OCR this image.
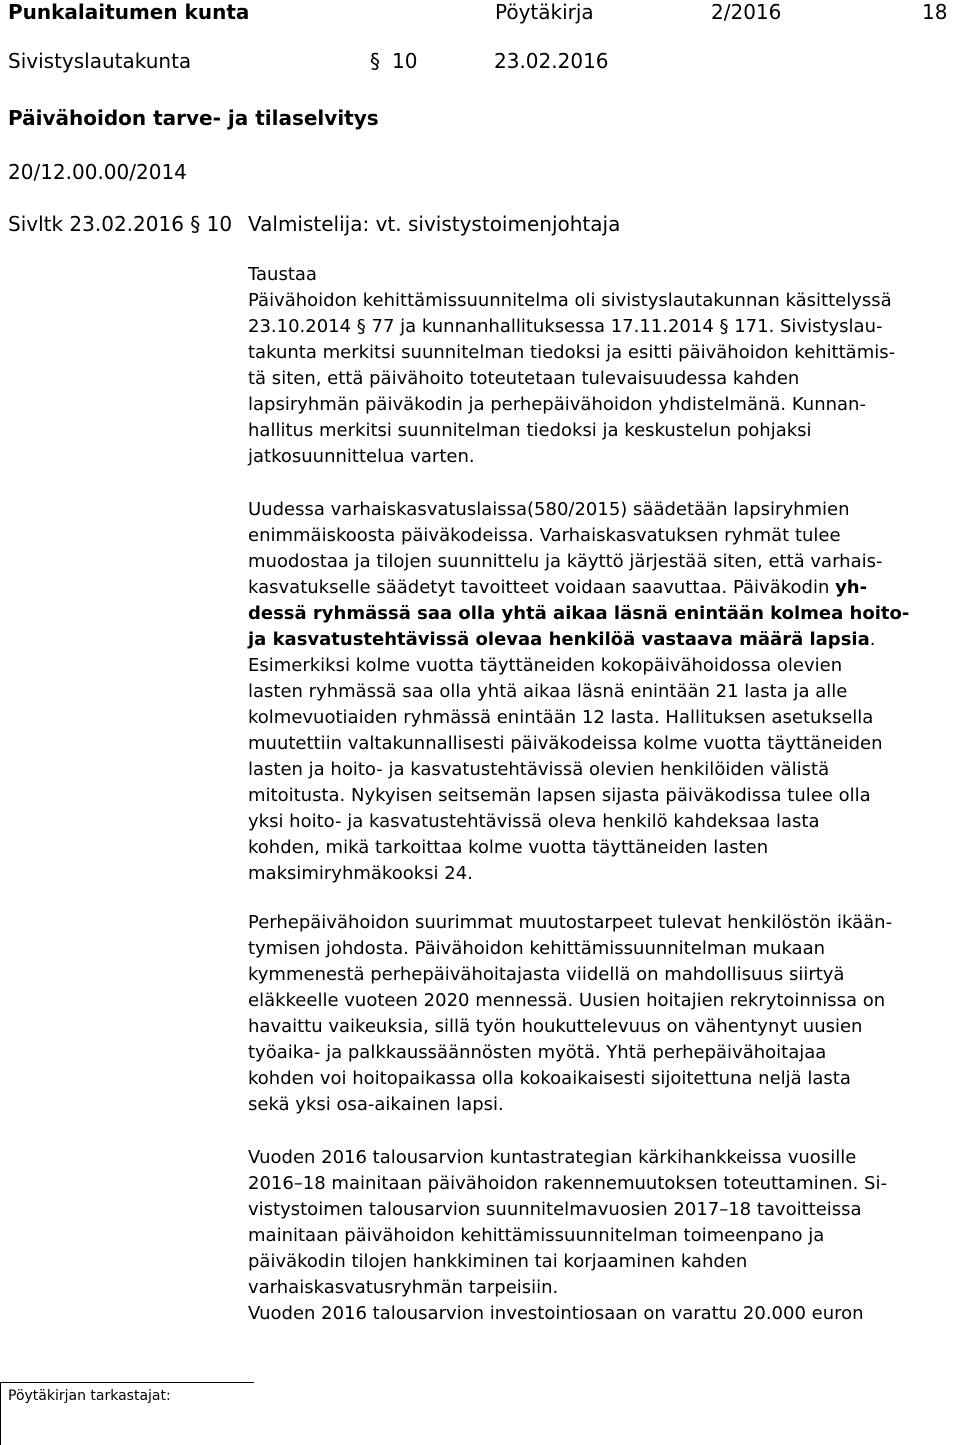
Punkalaitumen kunta	Pöytäkirja	2/2016	18
Sivistyslautakunta	§ 10	23.02.2016
Päivähoidon tarve- ja tilaselvitys
20/12.00.00/2014
Sivltk 23.02.2016 § 10 Valmistelija: vt. sivistystoimenjohtaja
Taustaa
Päivähoidon kehittämissuunnitelma oli sivistyslautakunnan käsittelyssä
23.10.2014 § 77 ja kunnanhallituksessa 17.11.2014 § 171. Sivistyslau-
takunta merkitsi suunnitelman tiedoksi ja esitti päivähoidon kehittämis-
tä siten, että päivähoito toteutetaan tulevaisuudessa kahden
lapsiryhmän päiväkodin ja perhepäivähoidon yhdistelmänä. Kunnan-
hallitus merkitsi suunnitelman tiedoksi ja keskustelun pohjaksi
jatkosuunnittelua varten.
Uudessa varhaiskasvatuslaissa(580/2015) säädetään lapsiryhmien
enimmäiskoosta päiväkodeissa. Varhaiskasvatuksen ryhmät tulee
muodostaa ja tilojen suunnittelu ja käyttö järjestää siten, että varhais-
kasvatukselle säädetyt tavoitteet voidaan saavuttaa. Päiväkodin yh-
dessä ryhmässä saa olla yhtä aikaa läsnä enintään kolmea hoito-
ja kasvatustehtävissä olevaa henkilöä vastaava määrä lapsia.
Esimerkiksi kolme vuotta täyttäneiden kokopäivähoidossa olevien
lasten ryhmässä saa olla yhtä aikaa läsnä enintään 21 lasta ja alle
kolmevuotiaiden ryhmässä enintään 12 lasta. Hallituksen asetuksella
muutettiin valtakunnallisesti päiväkodeissa kolme vuotta täyttäneiden
lasten ja hoito- ja kasvatustehtävissä olevien henkilöiden välistä
mitoitusta. Nykyisen seitsemän lapsen sijasta päiväkodissa tulee olla
yksi hoito- ja kasvatustehtävissä oleva henkilö kahdeksaa lasta
kohden, mikä tarkoittaa kolme vuotta täyttäneiden lasten
maksimiryhmäkooksi 24.
Perhepäivähoidon suurimmat muutostarpeet tulevat henkilöstön ikään-
tymisen johdosta. Päivähoidon kehittämissuunnitelman mukaan
kymmenestä perhepäivähoitajasta viidellä on mahdollisuus siirtyä
eläkkeelle vuoteen 2020 mennessä. Uusien hoitajien rekrytoinnissa on
havaittu vaikeuksia, sillä työn houkuttelevuus on vähentynyt uusien
työaika- ja palkkaussäännösten myötä. Yhtä perhepäivähoitajaa
kohden voi hoitopaikassa olla kokoaikaisesti sijoitettuna neljä lasta
sekä yksi osa-aikainen lapsi.
Vuoden 2016 talousarvion kuntastrategian kärkihankkeissa vuosille
2016–18 mainitaan päivähoidon rakennemuutoksen toteuttaminen. Si-
vistystoimen talousarvion suunnitelmavuosien 2017–18 tavoitteissa
mainitaan päivähoidon kehittämissuunnitelman toimeenpano ja
päiväkodin tilojen hankkiminen tai korjaaminen kahden
varhaiskasvatusryhmän tarpeisiin.
Vuoden 2016 talousarvion investointiosaan on varattu 20.000 euron
Pöytäkirjan tarkastajat:
